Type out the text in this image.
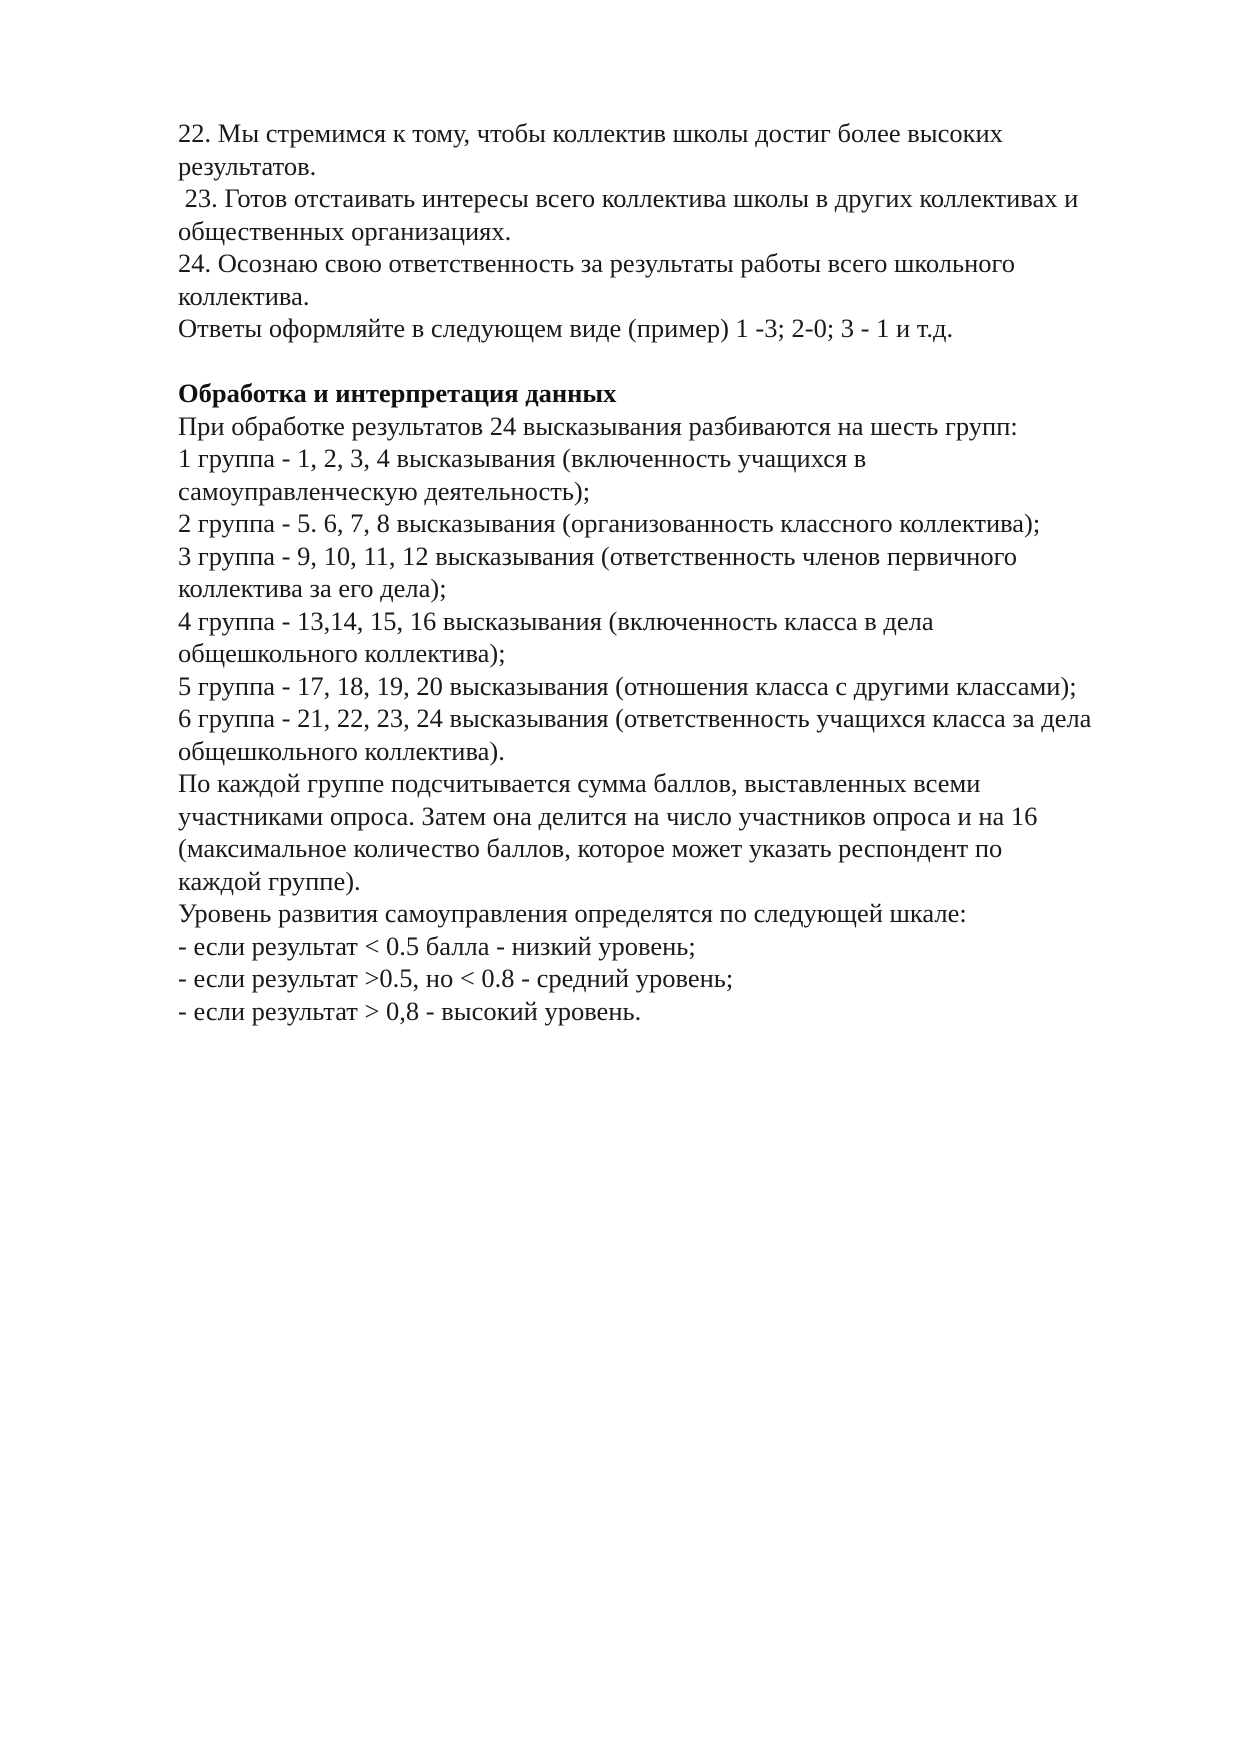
22. Мы стремимся к тому, чтобы коллектив школы достиг более высоких
результатов.
23. Готов отстаивать интересы всего коллектива школы в других коллективах и
общественных организациях.
24. Осознаю свою ответственность за результаты работы всего школьного
коллектива.
Ответы оформляйте в следующем виде (пример) 1 -3; 2-0; 3 - 1 и т.д.
Обработка и интерпретация данных
При обработке результатов 24 высказывания разбиваются на шесть групп:
1 группа - 1, 2, 3, 4 высказывания (включенность учащихся в
самоуправленческую деятельность);
2 группа - 5. 6, 7, 8 высказывания (организованность классного коллектива);
3 группа - 9, 10, 11, 12 высказывания (ответственность членов первичного
коллектива за его дела);
4 группа - 13,14, 15, 16 высказывания (включенность класса в дела
общешкольного коллектива);
5 группа - 17, 18, 19, 20 высказывания (отношения класса с другими классами);
6 группа - 21, 22, 23, 24 высказывания (ответственность учащихся класса за дела
общешкольного коллектива).
По каждой группе подсчитывается сумма баллов, выставленных всеми
участниками опроса. Затем она делится на число участников опроса и на 16
(максимальное количество баллов, которое может указать респондент по
каждой группе).
Уровень развития самоуправления определятся по следующей шкале:
- если результат < 0.5 балла - низкий уровень;
- если результат >0.5, но < 0.8 - средний уровень;
- если результат > 0,8 - высокий уровень.
